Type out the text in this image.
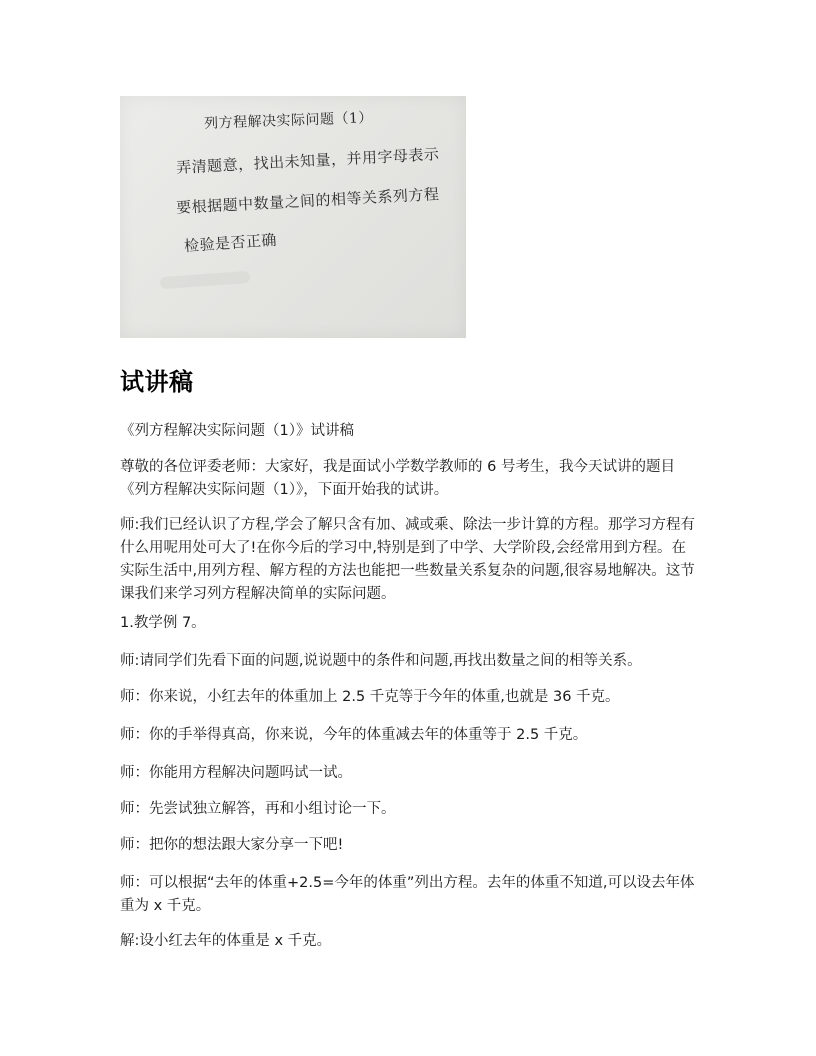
列方程解决实际问题（1）
弄清题意，找出未知量，并用字母表示
要根据题中数量之间的相等关系列方程
检验是否正确
试讲稿

《列方程解决实际问题（1）》试讲稿

尊敬的各位评委老师：大家好，我是面试小学数学教师的 6 号考生，我今天试讲的题目《列方程解决实际问题（1）》，下面开始我的试讲。

师:我们已经认识了方程,学会了解只含有加、减或乘、除法一步计算的方程。那学习方程有什么用呢用处可大了!在你今后的学习中,特别是到了中学、大学阶段,会经常用到方程。在实际生活中,用列方程、解方程的方法也能把一些数量关系复杂的问题,很容易地解决。这节课我们来学习列方程解决简单的实际问题。

1.教学例 7。

师:请同学们先看下面的问题,说说题中的条件和问题,再找出数量之间的相等关系。

师：你来说，小红去年的体重加上 2.5 千克等于今年的体重,也就是 36 千克。

师：你的手举得真高，你来说，今年的体重减去年的体重等于 2.5 千克。

师：你能用方程解决问题吗试一试。

师：先尝试独立解答，再和小组讨论一下。

师：把你的想法跟大家分享一下吧!

师：可以根据“去年的体重+2.5=今年的体重”列出方程。去年的体重不知道,可以设去年体重为 x 千克。

解:设小红去年的体重是 x 千克。
